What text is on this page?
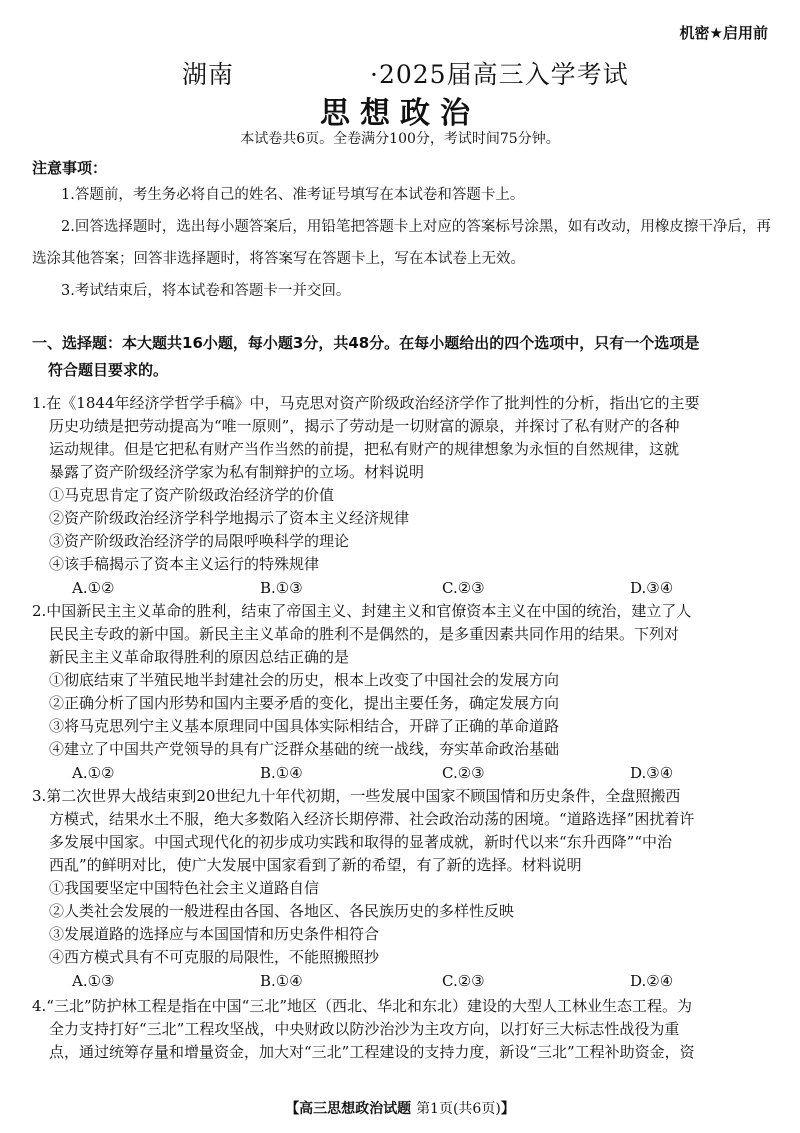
机密★启用前
湖南	·2025届高三入学考试
思想政治
本试卷共6页。全卷满分100分，考试时间75分钟。
注意事项：

1.答题前，考生务必将自己的姓名、准考证号填写在本试卷和答题卡上。

2.回答选择题时，选出每小题答案后，用铅笔把答题卡上对应的答案标号涂黑，如有改动，用橡皮擦干净后，再选涂其他答案；回答非选择题时，将答案写在答题卡上，写在本试卷上无效。

3.考试结束后，将本试卷和答题卡一并交回。

一、选择题：本大题共16小题，每小题3分，共48分。在每小题给出的四个选项中，只有一个选项是
符合题目要求的。
1.在《1844年经济学哲学手稿》中，马克思对资产阶级政治经济学作了批判性的分析，指出它的主要
历史功绩是把劳动提高为“唯一原则”，揭示了劳动是一切财富的源泉，并探讨了私有财产的各种
运动规律。但是它把私有财产当作当然的前提，把私有财产的规律想象为永恒的自然规律，这就
暴露了资产阶级经济学家为私有制辩护的立场。材料说明
①马克思肯定了资产阶级政治经济学的价值
②资产阶级政治经济学科学地揭示了资本主义经济规律
③资产阶级政治经济学的局限呼唤科学的理论
④该手稿揭示了资本主义运行的特殊规律
A.①②	B.①③	C.②③	D.③④
2.中国新民主主义革命的胜利，结束了帝国主义、封建主义和官僚资本主义在中国的统治，建立了人
民民主专政的新中国。新民主主义革命的胜利不是偶然的，是多重因素共同作用的结果。下列对
新民主主义革命取得胜利的原因总结正确的是
①彻底结束了半殖民地半封建社会的历史，根本上改变了中国社会的发展方向
②正确分析了国内形势和国内主要矛盾的变化，提出主要任务，确定发展方向
③将马克思列宁主义基本原理同中国具体实际相结合，开辟了正确的革命道路
④建立了中国共产党领导的具有广泛群众基础的统一战线，夯实革命政治基础
A.①②	B.①④	C.②③	D.③④
3.第二次世界大战结束到20世纪九十年代初期，一些发展中国家不顾国情和历史条件，全盘照搬西
方模式，结果水土不服，绝大多数陷入经济长期停滞、社会政治动荡的困境。“道路选择”困扰着许
多发展中国家。中国式现代化的初步成功实践和取得的显著成就，新时代以来“东升西降”“中治
西乱”的鲜明对比，使广大发展中国家看到了新的希望，有了新的选择。材料说明
①我国要坚定中国特色社会主义道路自信
②人类社会发展的一般进程由各国、各地区、各民族历史的多样性反映
③发展道路的选择应与本国国情和历史条件相符合
④西方模式具有不可克服的局限性，不能照搬照抄
A.①③	B.①④	C.②③	D.②④
4.“三北”防护林工程是指在中国“三北”地区（西北、华北和东北）建设的大型人工林业生态工程。为
全力支持打好“三北”工程攻坚战，中央财政以防沙治沙为主攻方向，以打好三大标志性战役为重
点，通过统筹存量和增量资金，加大对“三北”工程建设的支持力度，新设“三北”工程补助资金，资
【高三思想政治试题 第1页(共6页)】
